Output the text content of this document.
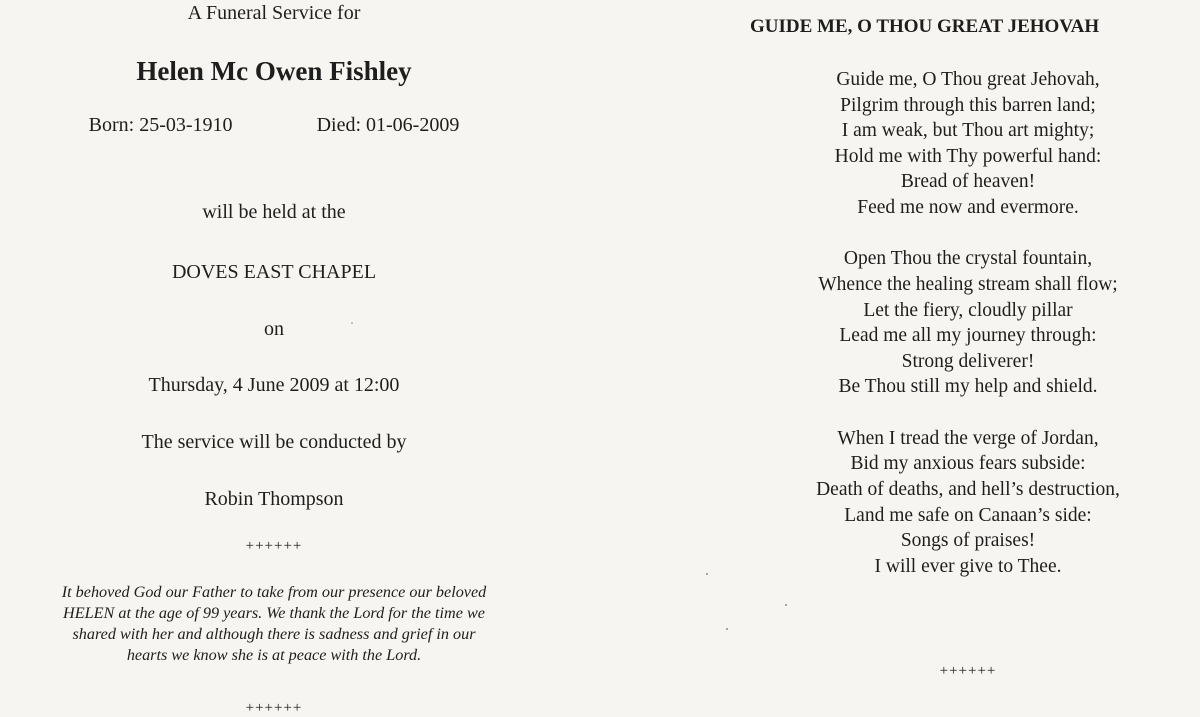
A Funeral Service for

Helen Mc Owen Fishley

Born: 25-03-1910	Died: 01-06-2009

will be held at the

DOVES EAST CHAPEL

on

Thursday, 4 June 2009 at 12:00

The service will be conducted by

Robin Thompson

++++++

It behoved God our Father to take from our presence our beloved
HELEN at the age of 99 years. We thank the Lord for the time we
shared with her and although there is sadness and grief in our
hearts we know she is at peace with the Lord.

++++++

GUIDE ME, O THOU GREAT JEHOVAH

Guide me, O Thou great Jehovah,
Pilgrim through this barren land;
I am weak, but Thou art mighty;
Hold me with Thy powerful hand:
Bread of heaven!
Feed me now and evermore.
Open Thou the crystal fountain,
Whence the healing stream shall flow;
Let the fiery, cloudly pillar
Lead me all my journey through:
Strong deliverer!
Be Thou still my help and shield.
When I tread the verge of Jordan,
Bid my anxious fears subside:
Death of deaths, and hell’s destruction,
Land me safe on Canaan’s side:
Songs of praises!
I will ever give to Thee.

++++++
